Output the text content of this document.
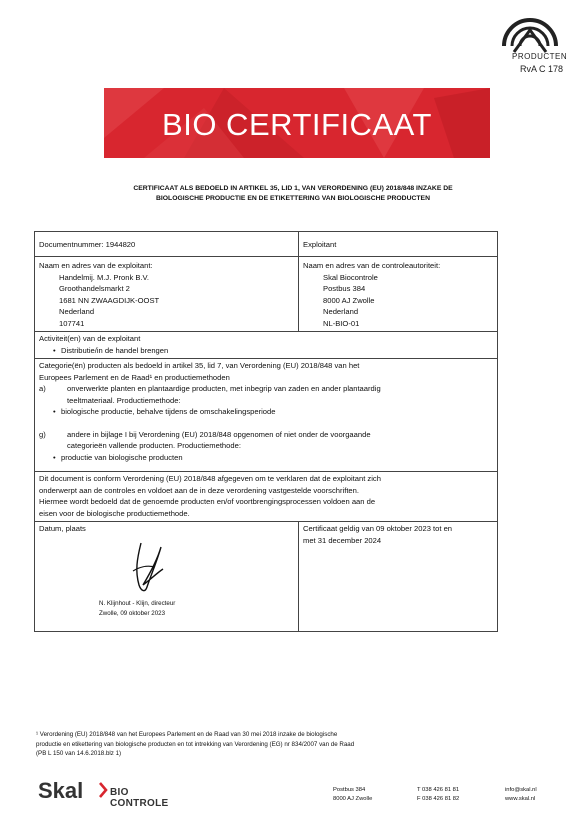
PRODUCTEN
RvA C 178
BIO CERTIFICAAT
CERTIFICAAT ALS BEDOELD IN ARTIKEL 35, LID 1, VAN VERORDENING (EU) 2018/848 INZAKE DE
BIOLOGISCHE PRODUCTIE EN DE ETIKETTERING VAN BIOLOGISCHE PRODUCTEN
Documentnummer: 1944820	Exploitant
Naam en adres van de exploitant:
Handelmij. M.J. Pronk B.V.
Groothandelsmarkt 2
1681 NN ZWAAGDIJK-OOST
Nederland
107741
Naam en adres van de controleautoriteit:
Skal Biocontrole
Postbus 384
8000 AJ Zwolle
Nederland
NL-BIO-01
Activiteit(en) van de exploitant
• Distributie/in de handel brengen
Categorie(ën) producten als bedoeld in artikel 35, lid 7, van Verordening (EU) 2018/848 van het
Europees Parlement en de Raad¹ en productiemethoden
a)	onverwerkte planten en plantaardige producten, met inbegrip van zaden en ander plantaardig
teeltmateriaal. Productiemethode:
• biologische productie, behalve tijdens de omschakelingsperiode
g)	andere in bijlage I bij Verordening (EU) 2018/848 opgenomen of niet onder de voorgaande
categorieën vallende producten. Productiemethode:
• productie van biologische producten
Dit document is conform Verordening (EU) 2018/848 afgegeven om te verklaren dat de exploitant zich
onderwerpt aan de controles en voldoet aan de in deze verordening vastgestelde voorschriften.
Hiermee wordt bedoeld dat de genoemde producten en/of voortbrengingsprocessen voldoen aan de
eisen voor de biologische productiemethode.
Datum, plaats
N. Klijnhout - Klijn, directeur
Zwolle, 09 oktober 2023
Certificaat geldig van 09 oktober 2023 tot en
met 31 december 2024
¹ Verordening (EU) 2018/848 van het Europees Parlement en de Raad van 30 mei 2018 inzake de biologische
productie en etikettering van biologische producten en tot intrekking van Verordening (EG) nr 834/2007 van de Raad
(PB L 150 van 14.6.2018.blz 1)
Skal	BIO CONTROLE
Postbus 384
8000 AJ Zwolle
T 038 426 81 81
F 038 426 81 82
info@skal.nl
www.skal.nl
